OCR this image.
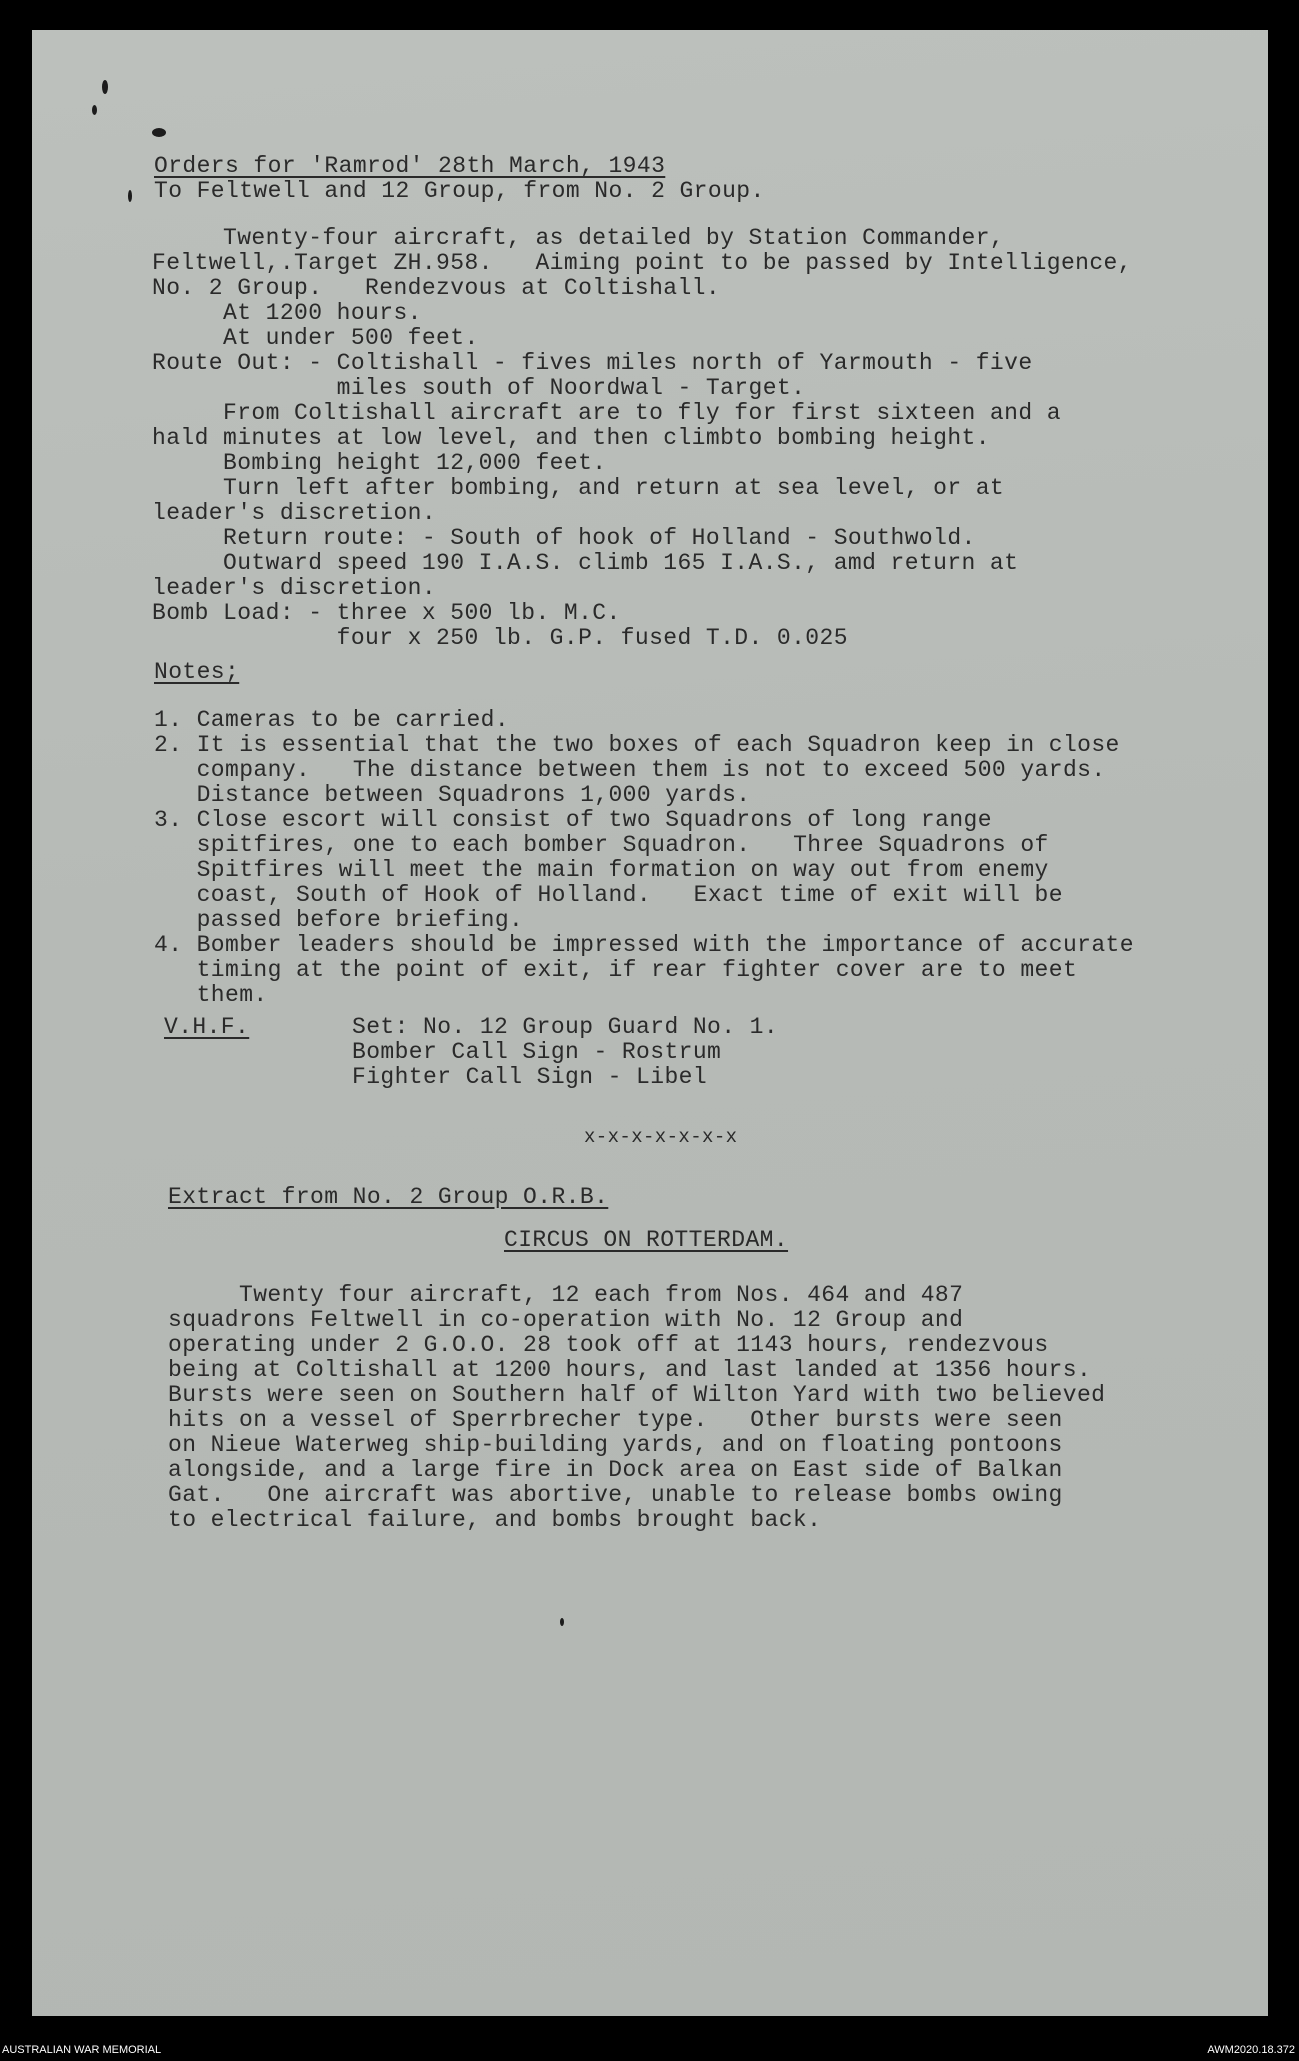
Orders for 'Ramrod' 28th March, 1943
To Feltwell and 12 Group, from No. 2 Group.
Twenty-four aircraft, as detailed by Station Commander,
Feltwell,.Target ZH.958.   Aiming point to be passed by Intelligence,
No. 2 Group.   Rendezvous at Coltishall.
At 1200 hours.
At under 500 feet.
Route Out: - Coltishall - fives miles north of Yarmouth - five
miles south of Noordwal - Target.
From Coltishall aircraft are to fly for first sixteen and a
hald minutes at low level, and then climbto bombing height.
Bombing height 12,000 feet.
Turn left after bombing, and return at sea level, or at
leader's discretion.
Return route: - South of hook of Holland - Southwold.
Outward speed 190 I.A.S. climb 165 I.A.S., amd return at
leader's discretion.
Bomb Load: - three x 500 lb. M.C.
four x 250 lb. G.P. fused T.D. 0.025
Notes;
1. Cameras to be carried.
2. It is essential that the two boxes of each Squadron keep in close
company.   The distance between them is not to exceed 500 yards.
Distance between Squadrons 1,000 yards.
3. Close escort will consist of two Squadrons of long range
spitfires, one to each bomber Squadron.   Three Squadrons of
Spitfires will meet the main formation on way out from enemy
coast, South of Hook of Holland.   Exact time of exit will be
passed before briefing.
4. Bomber leaders should be impressed with the importance of accurate
timing at the point of exit, if rear fighter cover are to meet
them.
V.H.F.	Set: No. 12 Group Guard No. 1.
Bomber Call Sign - Rostrum
Fighter Call Sign - Libel
x-x-x-x-x-x-x
Extract from No. 2 Group O.R.B.
CIRCUS ON ROTTERDAM.
Twenty four aircraft, 12 each from Nos. 464 and 487
squadrons Feltwell in co-operation with No. 12 Group and
operating under 2 G.O.O. 28 took off at 1143 hours, rendezvous
being at Coltishall at 1200 hours, and last landed at 1356 hours.
Bursts were seen on Southern half of Wilton Yard with two believed
hits on a vessel of Sperrbrecher type.   Other bursts were seen
on Nieue Waterweg ship-building yards, and on floating pontoons
alongside, and a large fire in Dock area on East side of Balkan
Gat.   One aircraft was abortive, unable to release bombs owing
to electrical failure, and bombs brought back.
AUSTRALIAN WAR MEMORIAL	AWM2020.18.372
